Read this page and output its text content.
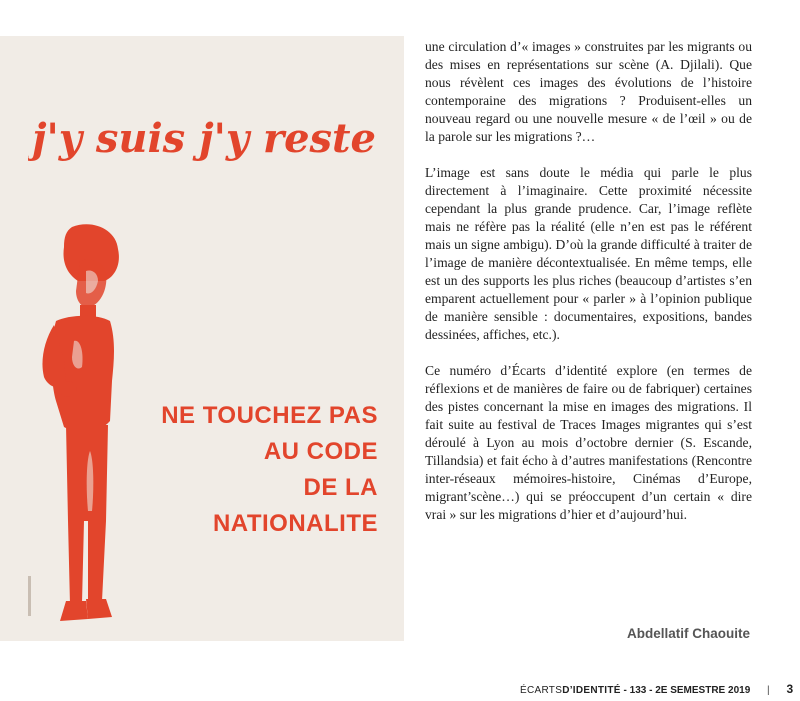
j'y suis j'y reste
NE TOUCHEZ PAS
AU CODE
DE LA
NATIONALITE

une circulation d’« images » construites par les migrants ou des mises en représentations sur scène (A. Djilali). Que nous révèlent ces images des évolutions de l’histoire contemporaine des migrations ? Produisent-elles un nouveau regard ou une nouvelle mesure « de l’œil » ou de la parole sur les migrations ?…

L’image est sans doute le média qui parle le plus directement à l’imaginaire. Cette proximité nécessite cependant la plus grande prudence. Car, l’image reflète mais ne réfère pas la réalité (elle n’en est pas le référent mais un signe ambigu). D’où la grande difficulté à traiter de l’image de manière décontextualisée. En même temps, elle est un des supports les plus riches (beaucoup d’artistes s’en emparent actuellement pour « parler » à l’opinion publique de manière sensible : documentaires, expositions, bandes dessinées, affiches, etc.).

Ce numéro d’Écarts d’identité explore (en termes de réflexions et de manières de faire ou de fabriquer) certaines des pistes concernant la mise en images des migrations. Il fait suite au festival de Traces Images migrantes qui s’est déroulé à Lyon au mois d’octobre dernier (S. Escande, Tillandsia) et fait écho à d’autres manifestations (Rencontre inter-réseaux mémoires-histoire, Cinémas d’Europe, migrant’scène…) qui se préoccupent d’un certain « dire vrai » sur les migrations d’hier et d’aujourd’hui.

Abdellatif Chaouite
ÉCARTSD’IDENTITÉ - 133 - 2E SEMESTRE 2019 | 3
